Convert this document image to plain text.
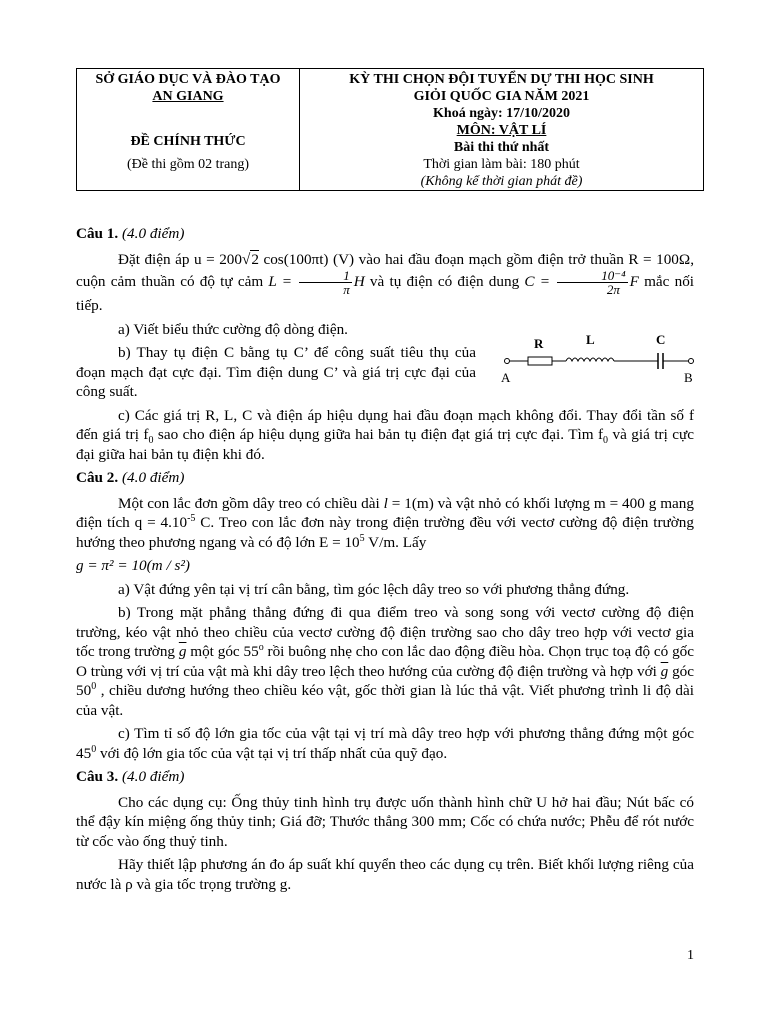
SỞ GIÁO DỤC VÀ ĐÀO TẠO
AN GIANG
ĐỀ CHÍNH THỨC
(Đề thi gồm 02 trang)

KỲ THI CHỌN ĐỘI TUYỂN DỰ THI HỌC SINH
GIỎI QUỐC GIA NĂM 2021
Khoá ngày: 17/10/2020
MÔN: VẬT LÍ
Bài thi thứ nhất
Thời gian làm bài: 180 phút
(Không kể thời gian phát đề)
Câu 1. (4.0 điểm)

Đặt điện áp u = 200√2 cos(100πt) (V) vào hai đầu đoạn mạch gồm điện trở thuần R = 100Ω, cuộn cảm thuần có độ tự cảm $L = \frac{1}{\pi}$ H và tụ điện có điện dung $C = \frac{\text{10⁻⁴}}{2\pi}$ F mắc nối tiếp.

a) Viết biểu thức cường độ dòng điện.

b) Thay tụ điện C bằng tụ C’ để công suất tiêu thụ của đoạn mạch đạt cực đại. Tìm điện dung C’ và giá trị cực đại của công suất.

c) Các giá trị R, L, C và điện áp hiệu dụng hai đầu đoạn mạch không đổi. Thay đổi tần số f đến giá trị $f_0$ sao cho điện áp hiệu dụng giữa hai bản tụ điện đạt giá trị cực đại. Tìm $f_0$ và giá trị cực đại giữa hai bản tụ điện khi đó.

Câu 2. (4.0 điểm)

Một con lắc đơn gồm dây treo có chiều dài l = 1(m) và vật nhỏ có khối lượng m = 400 g mang điện tích $q = 4.10^{-5}$ C. Treo con lắc đơn này trong điện trường đều với vectơ cường độ điện trường hướng theo phương ngang và có độ lớn $E = 10^5$ V/m. Lấy

g = π² = 10(m / s²)

a) Vật đứng yên tại vị trí cân bằng, tìm góc lệch dây treo so với phương thẳng đứng.

b) Trong mặt phẳng thẳng đứng đi qua điểm treo và song song với vectơ cường độ điện trường, kéo vật nhỏ theo chiều của vectơ cường độ điện trường sao cho dây treo hợp với vectơ gia tốc trong trường $\overline{g}$ một góc 55$^o$ rồi buông nhẹ cho con lắc dao động điều hòa. Chọn trục toạ độ có gốc O trùng với vị trí của vật mà khi dây treo lệch theo hướng của cường độ điện trường và hợp với $\overline{g}$ góc $50^0$ , chiều dương hướng theo chiều kéo vật, gốc thời gian là lúc thả vật. Viết phương trình li độ dài của vật.

c) Tìm tỉ số độ lớn gia tốc của vật tại vị trí mà dây treo hợp với phương thẳng đứng một góc $45^0$ với độ lớn gia tốc của vật tại vị trí thấp nhất của quỹ đạo.

Câu 3. (4.0 điểm)

Cho các dụng cụ: Ống thủy tinh hình trụ được uốn thành hình chữ U hở hai đầu; Nút bấc có thể đậy kín miệng ống thủy tinh; Giá đỡ; Thước thẳng 300 mm; Cốc có chứa nước; Phễu để rót nước từ cốc vào ống thuỷ tinh.

Hãy thiết lập phương án đo áp suất khí quyển theo các dụng cụ trên. Biết khối lượng riêng của nước là ρ và gia tốc trọng trường g.

R	L	C
A	B
1
